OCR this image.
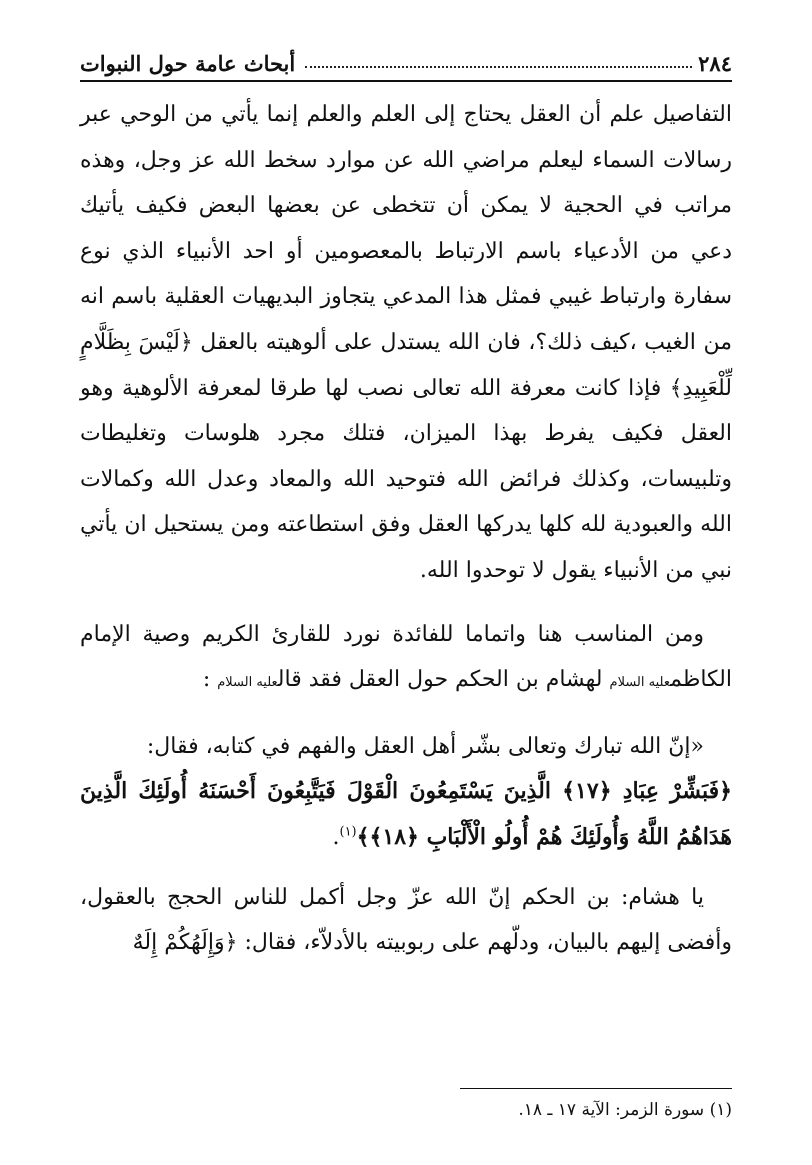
٢٨٤
أبحاث عامة حول النبوات

التفاصيل علم أن العقل يحتاج إلى العلم والعلم إنما يأتي من الوحي عبر رسالات السماء ليعلم مراضي الله عن موارد سخط الله عز وجل، وهذه مراتب في الحجية لا يمكن أن تتخطى عن بعضها البعض فكيف يأتيك دعي من الأدعياء باسم الارتباط بالمعصومين أو احد الأنبياء الذي نوع سفارة وارتباط غيبي فمثل هذا المدعي يتجاوز البديهيات العقلية باسم انه من الغيب ،كيف ذلك؟، فان الله يستدل على ألوهيته بالعقل ﴿لَيْسَ بِظَلَّامٍ لِّلْعَبِيدِ﴾ فإذا كانت معرفة الله تعالى نصب لها طرقا لمعرفة الألوهية وهو العقل فكيف يفرط بهذا الميزان، فتلك مجرد هلوسات وتغليطات وتلبيسات، وكذلك فرائض الله فتوحيد الله والمعاد وعدل الله وكمالات الله والعبودية لله كلها يدركها العقل وفق استطاعته ومن يستحيل ان يأتي نبي من الأنبياء يقول لا توحدوا الله.

ومن المناسب هنا واتماما للفائدة نورد للقارئ الكريم وصية الإمام الكاظمعليه السلام لهشام بن الحكم حول العقل فقد قالعليه السلام :

«إنّ الله تبارك وتعالى بشّر أهل العقل والفهم في كتابه، فقال:

﴿فَبَشِّرْ عِبَادِ ﴿١٧﴾ الَّذِينَ يَسْتَمِعُونَ الْقَوْلَ فَيَتَّبِعُونَ أَحْسَنَهُ أُولَئِكَ الَّذِينَ هَدَاهُمُ اللَّهُ وَأُولَئِكَ هُمْ أُولُو الْأَلْبَابِ ﴿١٨﴾﴾$^{(١)}$.

يا هشام: بن الحكم إنّ الله عزّ وجل أكمل للناس الحجج بالعقول، وأفضى إليهم بالبيان، ودلّهم على ربوبيته بالأدلاّء، فقال: ﴿وَإِلَهُكُمْ إِلَهٌ

(١) سورة الزمر: الآية ١٧ ـ ١٨.
